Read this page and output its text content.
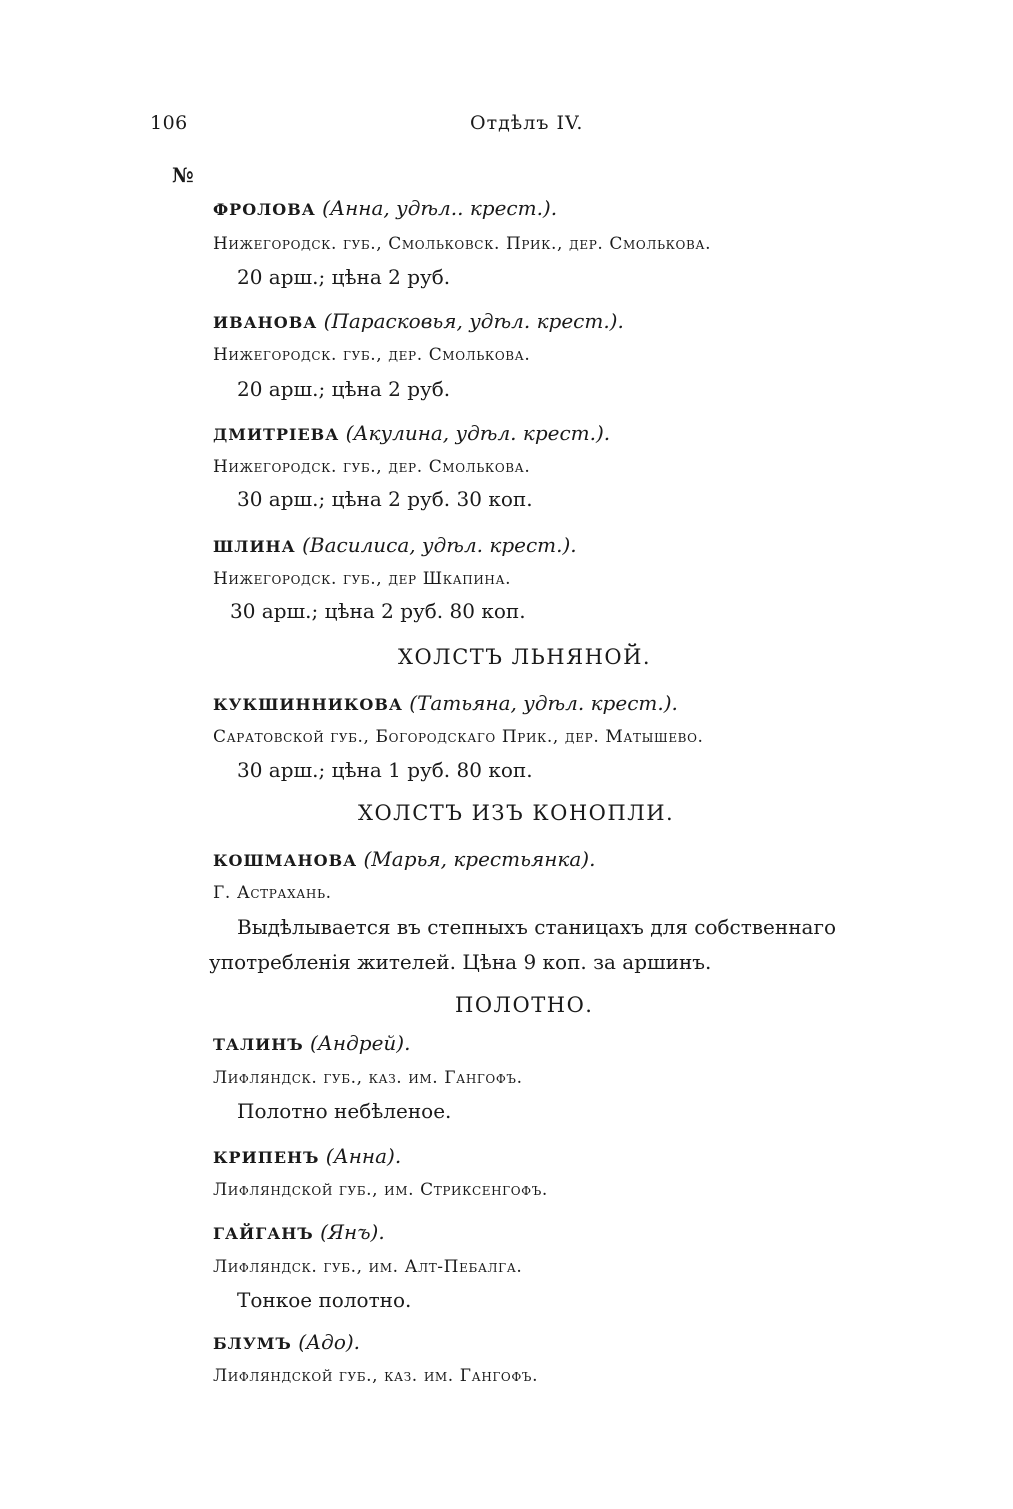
106	Отдѣлъ IV.
№
ФРОЛОВА (Анна, удѣл.. крест.).
Нижегородск. губ., Смольковск. Прик., дер. Смолькова.
20 арш.; цѣна 2 руб.
ИВАНОВА (Парасковья, удѣл. крест.).
Нижегородск. губ., дер. Смолькова.
20 арш.; цѣна 2 руб.
ДМИТРІЕВА (Акулина, удѣл. крест.).
Нижегородск. губ., дер. Смолькова.
30 арш.; цѣна 2 руб. 30 коп.
ШЛИНА (Василиса, удѣл. крест.).
Нижегородск. губ., дер Шкапина.
30 арш.; цѣна 2 руб. 80 коп.
ХОЛСТЪ ЛЬНЯНОЙ.
КУКШИННИКОВА (Татьяна, удѣл. крест.).
Саратовской губ., Богородскаго Прик., дер. Матышево.
30 арш.; цѣна 1 руб. 80 коп.
ХОЛСТЪ ИЗЪ КОНОПЛИ.
КОШМАНОВА (Марья, крестьянка).
Г. Астрахань.
Выдѣлывается въ степныхъ станицахъ для собственнаго
употребленія жителей. Цѣна 9 коп. за аршинъ.
ПОЛОТНО.
ТАЛИНЪ (Андрей).
Лифляндск. губ., каз. им. Гангофъ.
Полотно небѣленое.
КРИПЕНЪ (Анна).
Лифляндской губ., им. Стриксенгофъ.
ГАЙГАНЪ (Янъ).
Лифляндск. губ., им. Алт-Пебалга.
Тонкое полотно.
БЛУМЪ (Адо).
Лифляндской губ., каз. им. Гангофъ.
